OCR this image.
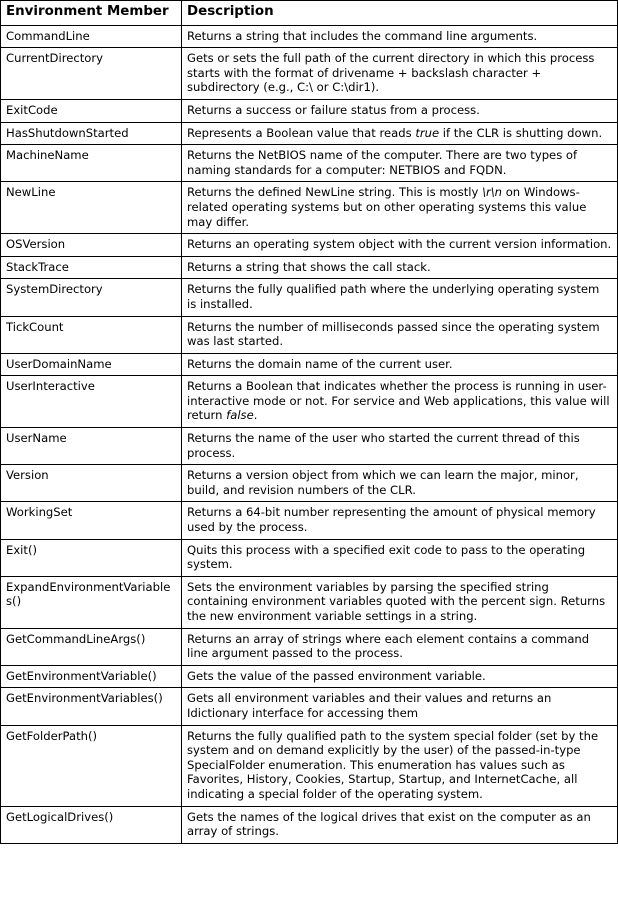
Environment Member	Description
CommandLine	Returns a string that includes the command line arguments.
CurrentDirectory	Gets or sets the full path of the current directory in which this process starts with the format of drivename + backslash character + subdirectory (e.g., C:\ or C:\dir1).
ExitCode	Returns a success or failure status from a process.
HasShutdownStarted	Represents a Boolean value that reads true if the CLR is shutting down.
MachineName	Returns the NetBIOS name of the computer. There are two types of naming standards for a computer: NETBIOS and FQDN.
NewLine	Returns the defined NewLine string. This is mostly \r\n on Windows-related operating systems but on other operating systems this value may differ.
OSVersion	Returns an operating system object with the current version information.
StackTrace	Returns a string that shows the call stack.
SystemDirectory	Returns the fully qualified path where the underlying operating system is installed.
TickCount	Returns the number of milliseconds passed since the operating system was last started.
UserDomainName	Returns the domain name of the current user.
UserInteractive	Returns a Boolean that indicates whether the process is running in user-interactive mode or not. For service and Web applications, this value will return false.
UserName	Returns the name of the user who started the current thread of this process.
Version	Returns a version object from which we can learn the major, minor, build, and revision numbers of the CLR.
WorkingSet	Returns a 64-bit number representing the amount of physical memory used by the process.
Exit()	Quits this process with a specified exit code to pass to the operating system.
ExpandEnvironmentVariables()	Sets the environment variables by parsing the specified string containing environment variables quoted with the percent sign. Returns the new environment variable settings in a string.
GetCommandLineArgs()	Returns an array of strings where each element contains a command line argument passed to the process.
GetEnvironmentVariable()	Gets the value of the passed environment variable.
GetEnvironmentVariables()	Gets all environment variables and their values and returns an Idictionary interface for accessing them
GetFolderPath()	Returns the fully qualified path to the system special folder (set by the system and on demand explicitly by the user) of the passed-in-type SpecialFolder enumeration. This enumeration has values such as Favorites, History, Cookies, Startup, Startup, and InternetCache, all indicating a special folder of the operating system.
GetLogicalDrives()	Gets the names of the logical drives that exist on the computer as an array of strings.
